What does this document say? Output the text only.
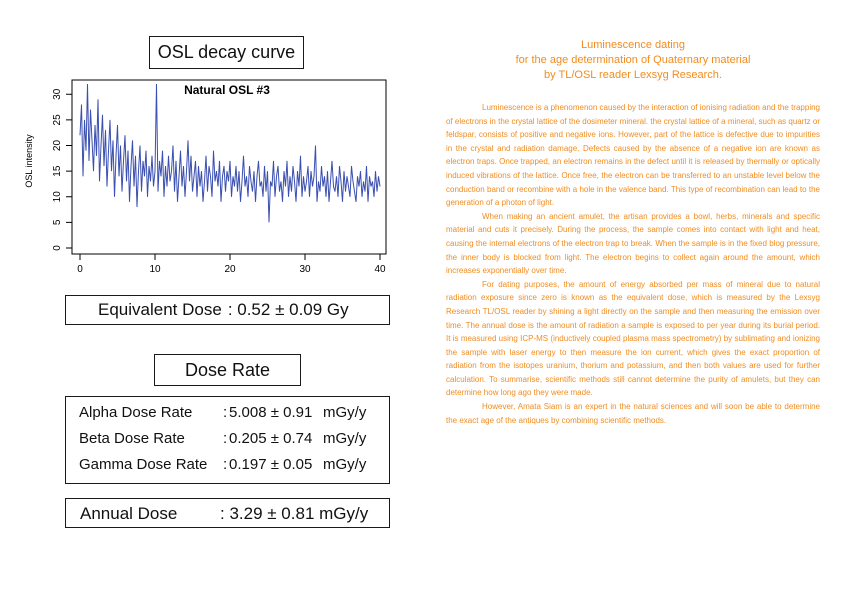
OSL decay curve
Natural OSL #3
OSL intensity
0
5
10
15
20
25
30
0	10	20	30	40
Equivalent Dose : 0.52 ± 0.09 Gy
Dose Rate
Alpha Dose Rate : 5.008 ± 0.91 mGy/y
Beta Dose Rate	: 0.205 ± 0.74 mGy/y
Gamma Dose Rate : 0.197 ± 0.05 mGy/y
Annual Dose	: 3.29 ± 0.81 mGy/y
Luminescence dating
for the age determination of Quaternary material
by TL/OSL reader Lexsyg Research.

Luminescence is a phenomenon caused by the interaction of ionising radiation and the trapping of electrons in the crystal lattice of the dosimeter mineral. the crystal lattice of a mineral, such as quartz or feldspar, consists of positive and negative ions. However, part of the lattice is defective due to impurities in the crystal and radiation damage. Defects caused by the absence of a negative ion are known as electron traps. Once trapped, an electron remains in the defect until it is released by thermally or optically induced vibrations of the lattice. Once free, the electron can be transferred to an unstable level below the conduction band or recombine with a hole in the valence band. This type of recombination can lead to the generation of a photon of light.

When making an ancient amulet, the artisan provides a bowl, herbs, minerals and specific material and cuts it precisely. During the process, the sample comes into contact with light and heat, causing the internal electrons of the electron trap to break. When the sample is in the fixed blog pressure, the inner body is blocked from light. The electron begins to collect again around the amount, which increases exponentially over time.

For dating purposes, the amount of energy absorbed per mass of mineral due to natural radiation exposure since zero is known as the equivalent dose, which is measured by the Lexsyg Research TL/OSL reader by shining a light directly on the sample and then measuring the emission over time. The annual dose is the amount of radiation a sample is exposed to per year during its burial period. It is measured using ICP-MS (inductively coupled plasma mass spectrometry) by sublimating and ionizing the sample with laser energy to then measure the ion current, which gives the exact proportion of radiation from the isotopes uranium, thorium and potassium, and then both values are used for further calculation. To summarise, scientific methods still cannot determine the purity of amulets, but they can determine how long ago they were made.

However, Amata Siam is an expert in the natural sciences and will soon be able to determine the exact age of the antiques by combining scientific methods.
